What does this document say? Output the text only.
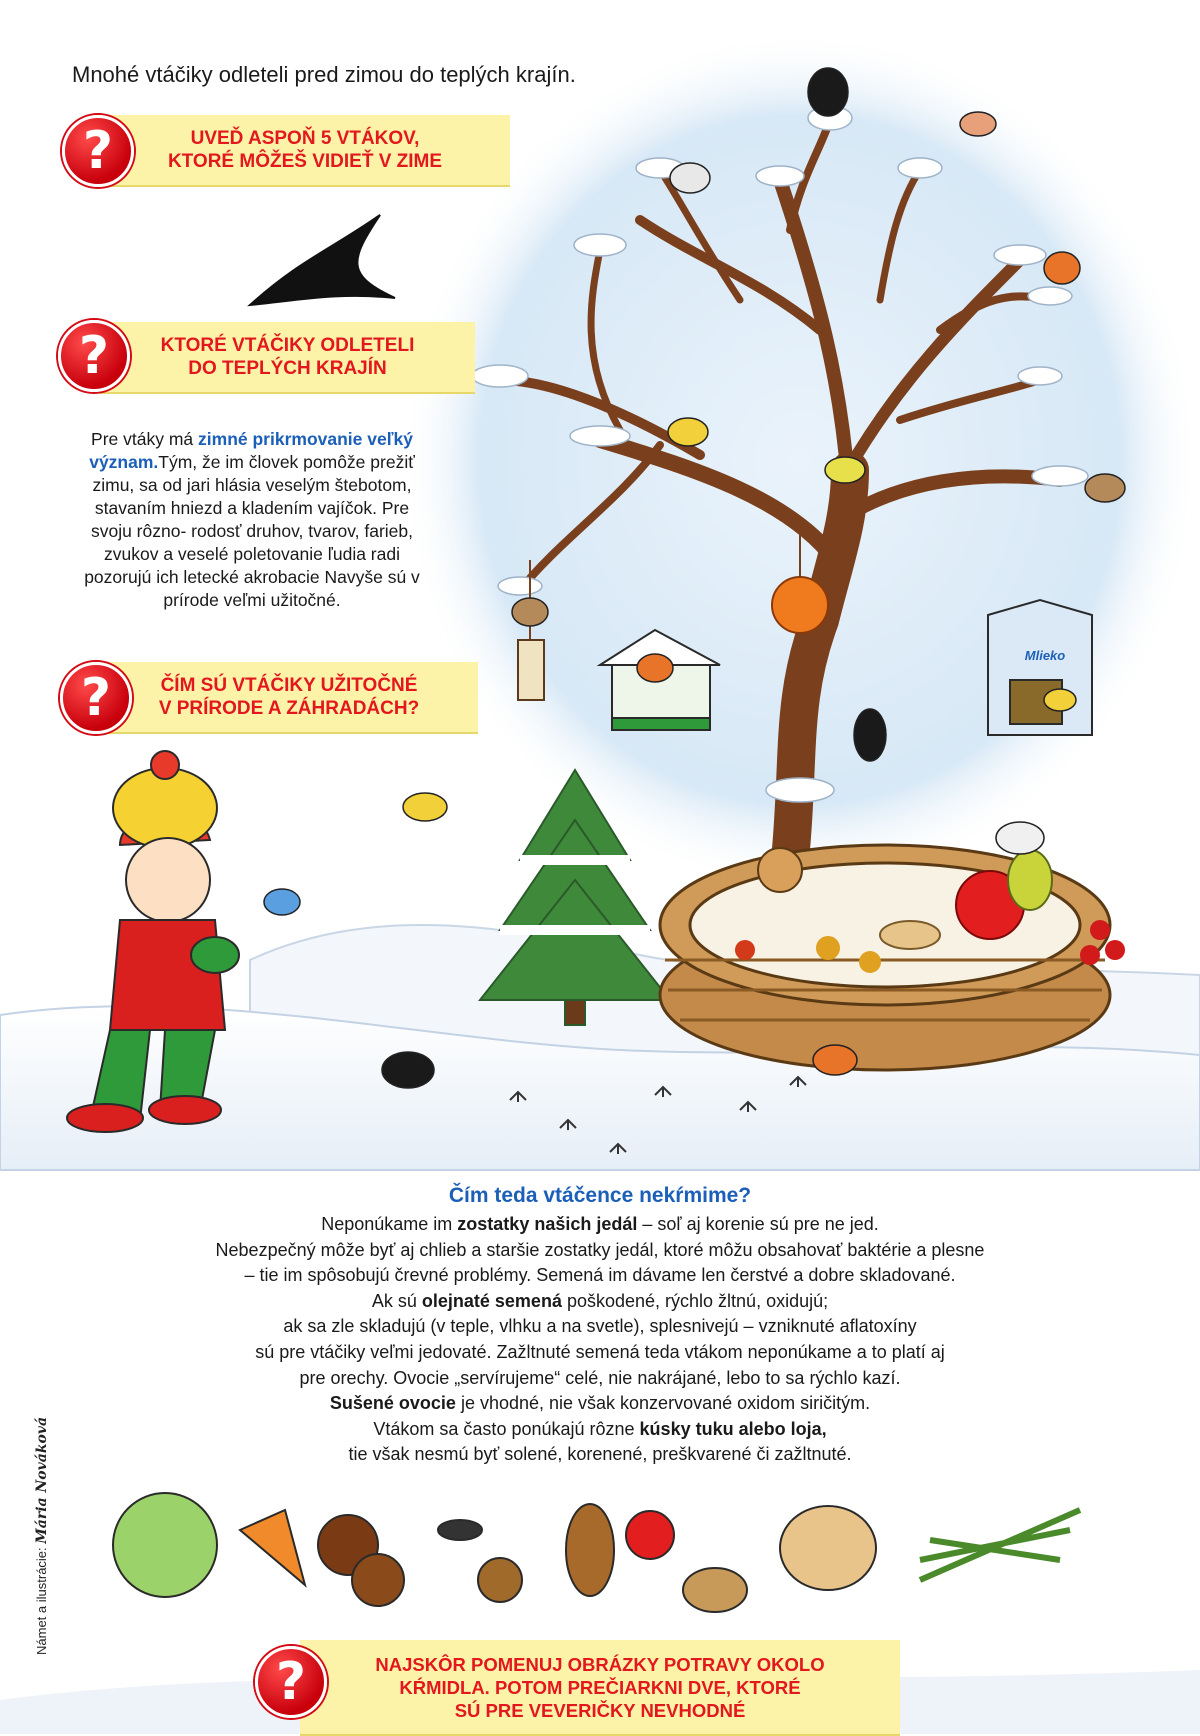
Mlieko
Mnohé vtáčiky odleteli pred zimou do teplých krajín.
UVEĎ ASPOŇ 5 VTÁKOV,
KTORÉ MÔŽEŠ VIDIEŤ V ZIME
?
KTORÉ VTÁČIKY ODLETELI
DO TEPLÝCH KRAJÍN
?
Pre vtáky má zimné prikrmovanie veľký význam.Tým, že im človek pomôže prežiť zimu, sa od jari hlásia veselým štebotom, stavaním hniezd a kladením vajíčok. Pre svoju rôzno- rodosť druhov, tvarov, farieb, zvukov a veselé poletovanie ľudia radi pozorujú ich letecké akrobacie Navyše sú v prírode veľmi užitočné.
ČÍM SÚ VTÁČIKY UŽITOČNÉ
V PRÍRODE A ZÁHRADÁCH?
?
Čím teda vtáčence nekŕmime?
Neponúkame im zostatky našich jedál – soľ aj korenie sú pre ne jed.
Nebezpečný môže byť aj chlieb a staršie zostatky jedál, ktoré môžu obsahovať baktérie a plesne
– tie im spôsobujú črevné problémy. Semená im dávame len čerstvé a dobre skladované.
Ak sú olejnaté semená poškodené, rýchlo žltnú, oxidujú;
ak sa zle skladujú (v teple, vlhku a na svetle), splesnivejú – vzniknuté aflatoxíny
sú pre vtáčiky veľmi jedovaté. Zažltnuté semená teda vtákom neponúkame a to platí aj
pre orechy. Ovocie „servírujeme“ celé, nie nakrájané, lebo to sa rýchlo kazí.
Sušené ovocie je vhodné, nie však konzervované oxidom siričitým.
Vtákom sa často ponúkajú rôzne kúsky tuku alebo loja,
tie však nesmú byť solené, korenené, preškvarené či zažltnuté.
NAJSKÔR POMENUJ OBRÁZKY POTRAVY OKOLO
KŔMIDLA. POTOM PREČIARKNI DVE, KTORÉ
SÚ PRE VEVERIČKY NEVHODNÉ
?
Námet a ilustrácie: Mária Nováková
